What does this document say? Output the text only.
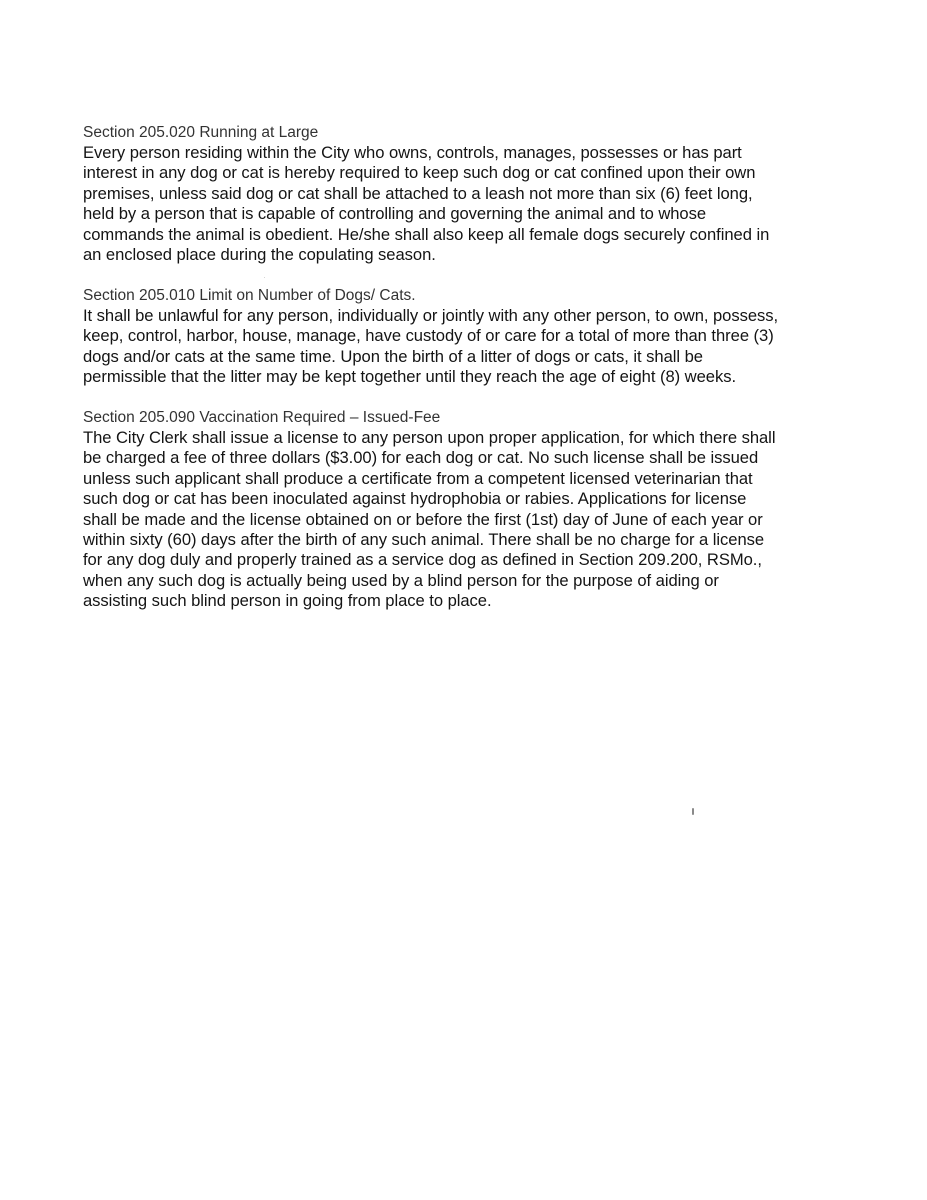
Section 205.020 Running at Large
Every person residing within the City who owns, controls, manages, possesses or has part
interest in any dog or cat is hereby required to keep such dog or cat confined upon their own
premises, unless said dog or cat shall be attached to a leash not more than six (6) feet long,
held by a person that is capable of controlling and governing the animal and to whose
commands the animal is obedient. He/she shall also keep all female dogs securely confined in
an enclosed place during the copulating season.
Section 205.010 Limit on Number of Dogs/ Cats.
It shall be unlawful for any person, individually or jointly with any other person, to own, possess,
keep, control, harbor, house, manage, have custody of or care for a total of more than three (3)
dogs and/or cats at the same time. Upon the birth of a litter of dogs or cats, it shall be
permissible that the litter may be kept together until they reach the age of eight (8) weeks.
Section 205.090 Vaccination Required – Issued-Fee
The City Clerk shall issue a license to any person upon proper application, for which there shall
be charged a fee of three dollars ($3.00) for each dog or cat. No such license shall be issued
unless such applicant shall produce a certificate from a competent licensed veterinarian that
such dog or cat has been inoculated against hydrophobia or rabies. Applications for license
shall be made and the license obtained on or before the first (1st) day of June of each year or
within sixty (60) days after the birth of any such animal. There shall be no charge for a license
for any dog duly and properly trained as a service dog as defined in Section 209.200, RSMo.,
when any such dog is actually being used by a blind person for the purpose of aiding or
assisting such blind person in going from place to place.
